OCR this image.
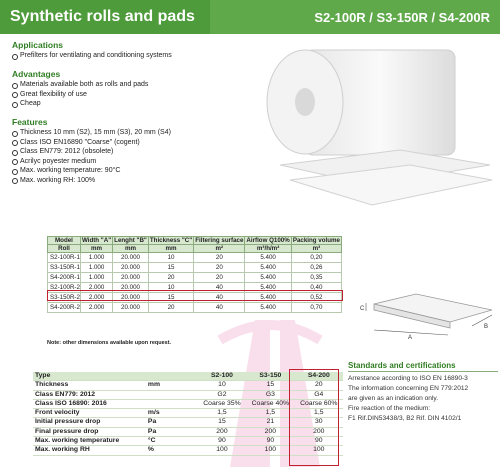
Synthetic rolls and pads	S2-100R / S3-150R / S4-200R
Applications
Prefilters for ventilating and conditioning systems
Advantages
Materials available both as rolls and pads
Great flexibility of use
Cheap
Features
Thickness 10 mm (S2), 15 mm (S3), 20 mm (S4)
Class ISO EN16890 "Coarse" (cogent)
Class EN779: 2012 (obsolete)
Acrilyc poyester medium
Max. working temperature: 90°C
Max. working RH: 100%
Model	Width "A"	Lenght "B"	Thickness "C"	Filtering surface	Airflow Q100%	Packing volume
Roll	mm	mm	mm	m²	m³/h/m²	m³
S2-100R-1	1.000	20.000	10	20	5.400	0,20
S3-150R-1	1.000	20.000	15	20	5.400	0,26
S4-200R-1	1.000	20.000	20	20	5.400	0,35
S2-100R-2	2.000	20.000	10	40	5.400	0,40
S3-150R-2	2.000	20.000	15	40	5.400	0,52
S4-200R-2	2.000	20.000	20	40	5.400	0,70
Note: other dimensions available upon request.
A
B
C
Type		S2-100	S3-150	S4-200
Thickness	mm	10	15	20
Class EN779: 2012		G2	G3	G4
Class ISO 16890: 2016		Coarse 35%	Coarse 40%	Coarse 60%
Front velocity	m/s	1,5	1,5	1,5
Initial pressure drop	Pa	15	21	30
Final pressure drop	Pa	200	200	200
Max. working temperature	°C	90	90	90
Max. working RH	%	100	100	100
Standards and certifications
Arrestance according to ISO EN 16890-3
The information concerning EN 779:2012
are given as an indication only.
Fire reaction of the medium:
F1 Rif.DIN53438/3, B2 Rif. DIN 4102/1
